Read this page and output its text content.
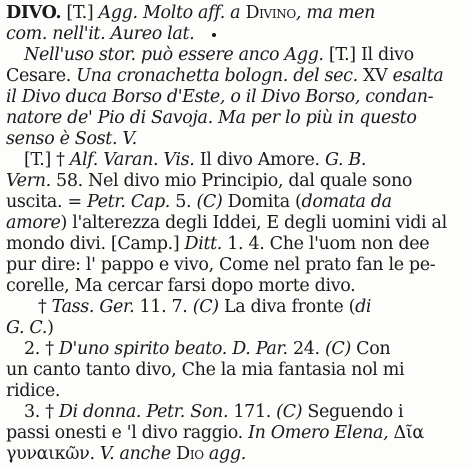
DIVO. [T.] Agg. Molto aff. a Divino, ma men
com. nell'it. Aureo lat.
Nell'uso stor. può essere anco Agg. [T.] Il divo
Cesare. Una cronachetta bologn. del sec. XV esalta
il Divo duca Borso d'Este, o il Divo Borso, condan-
natore de' Pio di Savoja. Ma per lo più in questo
senso è Sost. V.
[T.] † Alf. Varan. Vis. Il divo Amore. G. B.
Vern. 58. Nel divo mio Principio, dal quale sono
uscita. = Petr. Cap. 5. (C) Domita (domata da
amore) l'alterezza degli Iddei, E degli uomini vidi al
mondo divi. [Camp.] Ditt. 1. 4. Che l'uom non dee
pur dire: l' pappo e vivo, Come nel prato fan le pe-
corelle, Ma cercar farsi dopo morte divo.
† Tass. Ger. 11. 7. (C) La diva fronte (di
G. C.)
2. † D'uno spirito beato. D. Par. 24. (C) Con
un canto tanto divo, Che la mia fantasia nol mi
ridice.
3. † Di donna. Petr. Son. 171. (C) Seguendo i
passi onesti e 'l divo raggio. In Omero Elena, Δῖα
γυναικῶν. V. anche Dio agg.
